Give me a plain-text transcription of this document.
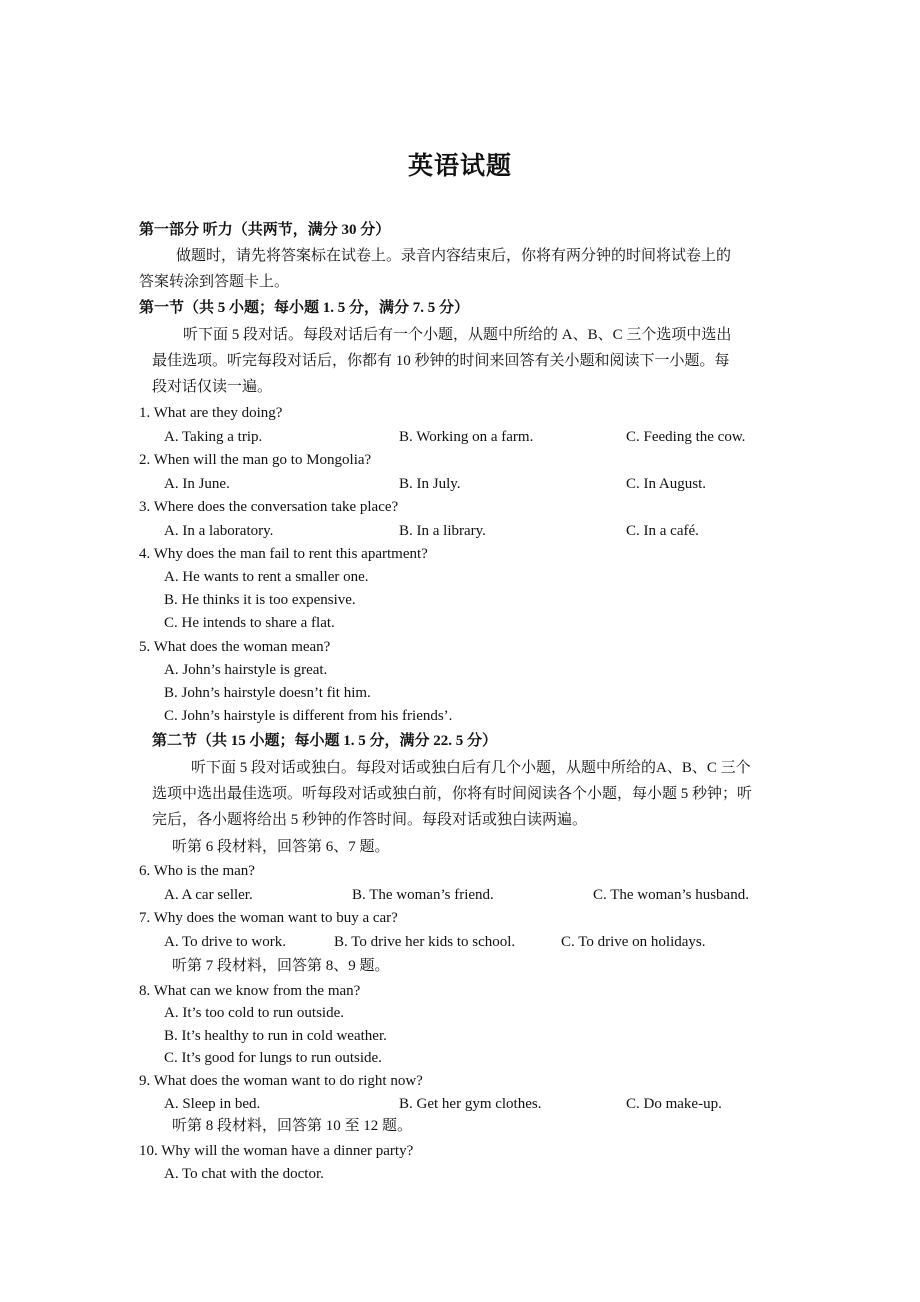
英语试题
第一部分 听力（共两节，满分 30 分）
做题时，请先将答案标在试卷上。录音内容结束后，你将有两分钟的时间将试卷上的
答案转涂到答题卡上。
第一节（共 5 小题；每小题 1. 5 分，满分 7. 5 分）
听下面 5 段对话。每段对话后有一个小题，从题中所给的 A、B、C 三个选项中选出
最佳选项。听完每段对话后，你都有 10 秒钟的时间来回答有关小题和阅读下一小题。每
段对话仅读一遍。
1. What are they doing?
A. Taking a trip.	B. Working on a farm.	C. Feeding the cow.
2. When will the man go to Mongolia?
A. In June.	B. In July.	C. In August.
3. Where does the conversation take place?
A. In a laboratory.	B. In a library.	C. In a café.
4. Why does the man fail to rent this apartment?
A. He wants to rent a smaller one.
B. He thinks it is too expensive.
C. He intends to share a flat.
5. What does the woman mean?
A. John’s hairstyle is great.
B. John’s hairstyle doesn’t fit him.
C. John’s hairstyle is different from his friends’.
第二节（共 15 小题；每小题 1. 5 分，满分 22. 5 分）
听下面 5 段对话或独白。每段对话或独白后有几个小题，从题中所给的A、B、C 三个
选项中选出最佳选项。听每段对话或独白前，你将有时间阅读各个小题，每小题 5 秒钟；听
完后，各小题将给出 5 秒钟的作答时间。每段对话或独白读两遍。
听第 6 段材料，回答第 6、7 题。
6. Who is the man?
A. A car seller.	B. The woman’s friend.	C. The woman’s husband.
7. Why does the woman want to buy a car?
A. To drive to work.	B. To drive her kids to school.	C. To drive on holidays.
听第 7 段材料，回答第 8、9 题。
8. What can we know from the man?
A. It’s too cold to run outside.
B. It’s healthy to run in cold weather.
C. It’s good for lungs to run outside.
9. What does the woman want to do right now?
A. Sleep in bed.	B. Get her gym clothes.	C. Do make-up.
听第 8 段材料，回答第 10 至 12 题。
10. Why will the woman have a dinner party?
A. To chat with the doctor.
